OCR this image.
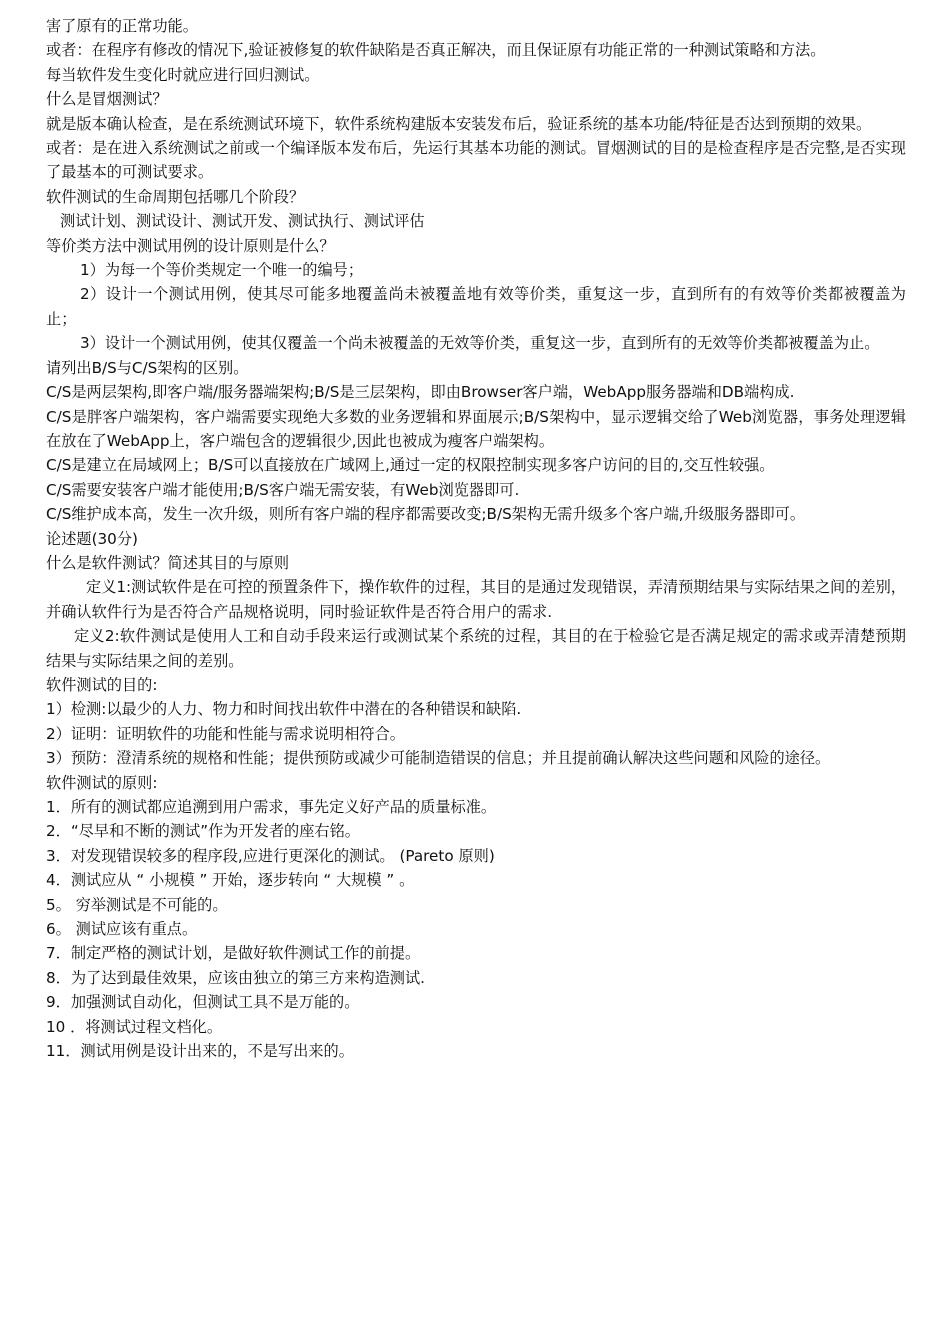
害了原有的正常功能。

或者：在程序有修改的情况下,验证被修复的软件缺陷是否真正解决，而且保证原有功能正常的一种测试策略和方法。

每当软件发生变化时就应进行回归测试。

什么是冒烟测试？

就是版本确认检查，是在系统测试环境下，软件系统构建版本安装发布后，验证系统的基本功能/特征是否达到预期的效果。

或者：是在进入系统测试之前或一个编译版本发布后，先运行其基本功能的测试。冒烟测试的目的是检查程序是否完整,是否实现了最基本的可测试要求。

软件测试的生命周期包括哪几个阶段？

测试计划、测试设计、测试开发、测试执行、测试评估

等价类方法中测试用例的设计原则是什么？

1）为每一个等价类规定一个唯一的编号；

2）设计一个测试用例，使其尽可能多地覆盖尚未被覆盖地有效等价类，重复这一步，直到所有的有效等价类都被覆盖为止；

3）设计一个测试用例，使其仅覆盖一个尚未被覆盖的无效等价类，重复这一步，直到所有的无效等价类都被覆盖为止。

请列出B/S与C/S架构的区别。

C/S是两层架构,即客户端/服务器端架构;B/S是三层架构，即由Browser客户端，WebApp服务器端和DB端构成.

C/S是胖客户端架构，客户端需要实现绝大多数的业务逻辑和界面展示;B/S架构中，显示逻辑交给了Web浏览器，事务处理逻辑在放在了WebApp上，客户端包含的逻辑很少,因此也被成为瘦客户端架构。

C/S是建立在局域网上；B/S可以直接放在广域网上,通过一定的权限控制实现多客户访问的目的,交互性较强。

C/S需要安装客户端才能使用;B/S客户端无需安装，有Web浏览器即可.

C/S维护成本高，发生一次升级，则所有客户端的程序都需要改变;B/S架构无需升级多个客户端,升级服务器即可。

论述题(30分)

什么是软件测试？简述其目的与原则

定义1:测试软件是在可控的预置条件下，操作软件的过程，其目的是通过发现错误，弄清预期结果与实际结果之间的差别，并确认软件行为是否符合产品规格说明，同时验证软件是否符合用户的需求.

定义2:软件测试是使用人工和自动手段来运行或测试某个系统的过程，其目的在于检验它是否满足规定的需求或弄清楚预期结果与实际结果之间的差别。

软件测试的目的:

1）检测:以最少的人力、物力和时间找出软件中潜在的各种错误和缺陷.

2）证明：证明软件的功能和性能与需求说明相符合。

3）预防：澄清系统的规格和性能；提供预防或减少可能制造错误的信息；并且提前确认解决这些问题和风险的途径。

软件测试的原则:

1．所有的测试都应追溯到用户需求，事先定义好产品的质量标准。

2．“尽早和不断的测试”作为开发者的座右铭。

3．对发现错误较多的程序段,应进行更深化的测试。 (Pareto 原则)

4．测试应从 “ 小规模 ” 开始，逐步转向 “ 大规模 ” 。

5。 穷举测试是不可能的。

6。 测试应该有重点。

7．制定严格的测试计划，是做好软件测试工作的前提。

8．为了达到最佳效果，应该由独立的第三方来构造测试.

9．加强测试自动化，但测试工具不是万能的。

10 ．将测试过程文档化。

11．测试用例是设计出来的，不是写出来的。
